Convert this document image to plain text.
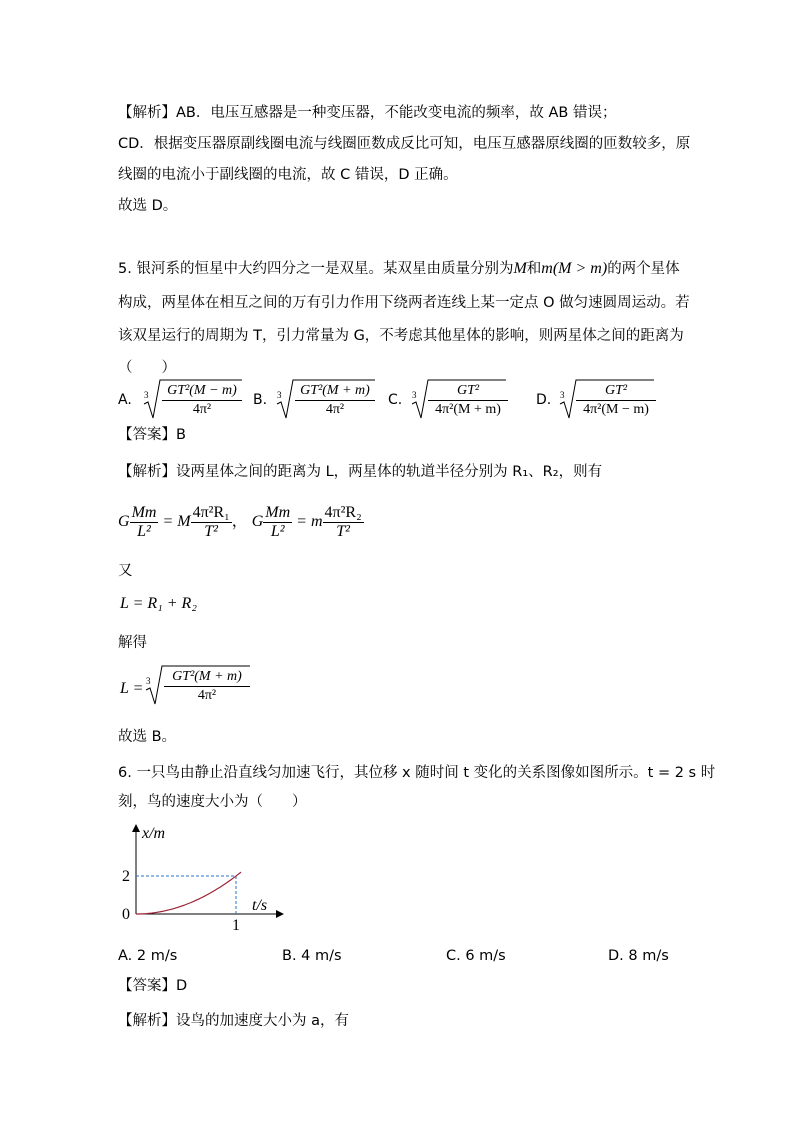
【解析】AB．电压互感器是一种变压器，不能改变电流的频率，故 AB 错误；
CD．根据变压器原副线圈电流与线圈匝数成反比可知，电压互感器原线圈的匝数较多，原
线圈的电流小于副线圈的电流，故 C 错误，D 正确。
故选 D。
5. 银河系的恒星中大约四分之一是双星。某双星由质量分别为M和m(M > m)的两个星体
构成，两星体在相互之间的万有引力作用下绕两者连线上某一定点 O 做匀速圆周运动。若
该双星运行的周期为 T，引力常量为 G，不考虑其他星体的影响，则两星体之间的距离为
（　　）
A. $3 \frac{\text{GT²(M − m)}}{\text{4π²}} B$. $3 \frac{\text{GT²(M + m)}}{\text{4π²}} C$. $3 \frac{\text{GT²}}{\text{4π²(M + m)}} D$. $3 \frac{\text{GT²}}{\text{4π²(M − m)}}$
【答案】B
【解析】设两星体之间的距离为 L，两星体的轨道半径分别为 R₁、R₂，则有
G $\frac{Mm}{\text{L²}} = M \frac{\text{4π²R₁}}{\text{T²}}$ ， G $\frac{Mm}{\text{L²}} = m \frac{\text{4π²R₂}}{\text{T²}}$
又
L = R₁ + R₂
解得
$L = 3 \frac{\text{GT²(M + m)}}{\text{4π²}}$
故选 B。
6. 一只鸟由静止沿直线匀加速飞行，其位移 x 随时间 t 变化的关系图像如图所示。t = 2 s 时
刻，鸟的速度大小为（　　）
x/m
t/s
0
2
1
A. 2 m/s	B. 4 m/s	C. 6 m/s	D. 8 m/s
【答案】D
【解析】设鸟的加速度大小为 a，有
